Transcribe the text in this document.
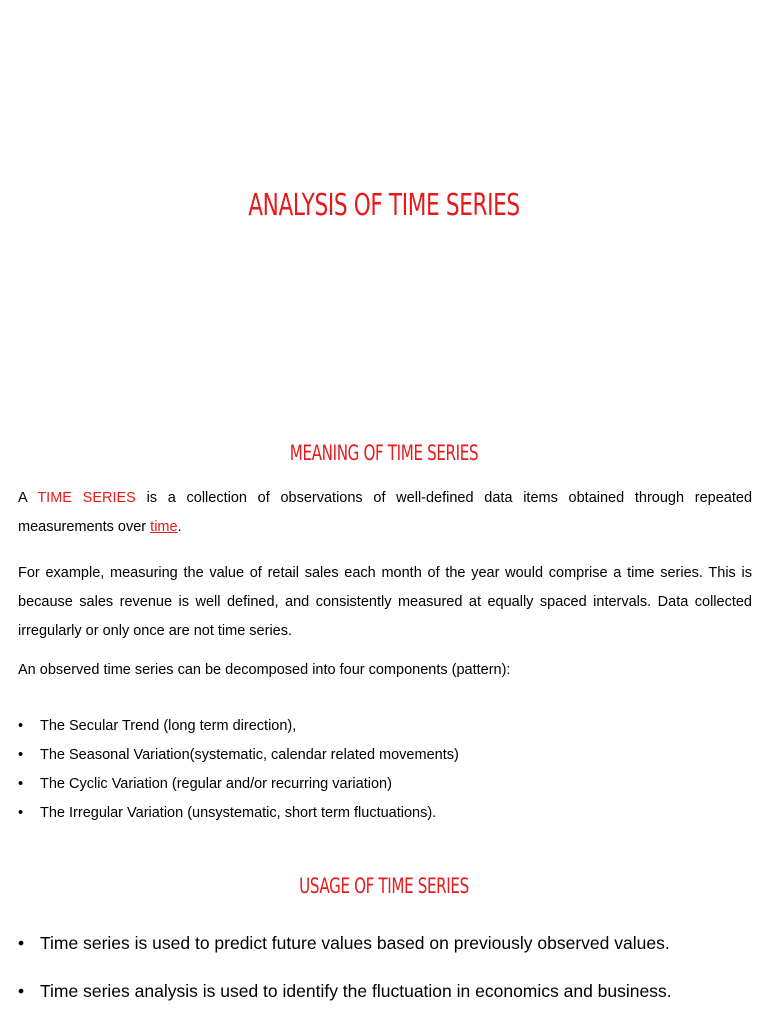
ANALYSIS OF TIME SERIES
MEANING OF TIME SERIES

A TIME SERIES is a collection of observations of well-defined data items obtained through repeated measurements over time.

For example, measuring the value of retail sales each month of the year would comprise a time series. This is because sales revenue is well defined, and consistently measured at equally spaced intervals. Data collected irregularly or only once are not time series.

An observed time series can be decomposed into four components (pattern):

•	The Secular Trend (long term direction),
•	The Seasonal Variation(systematic, calendar related movements)
•	The Cyclic Variation (regular and/or recurring variation)
•	The Irregular Variation (unsystematic, short term fluctuations).
USAGE OF TIME SERIES
• Time series is used to predict future values based on previously observed values.
• Time series analysis is used to identify the fluctuation in economics and business.
